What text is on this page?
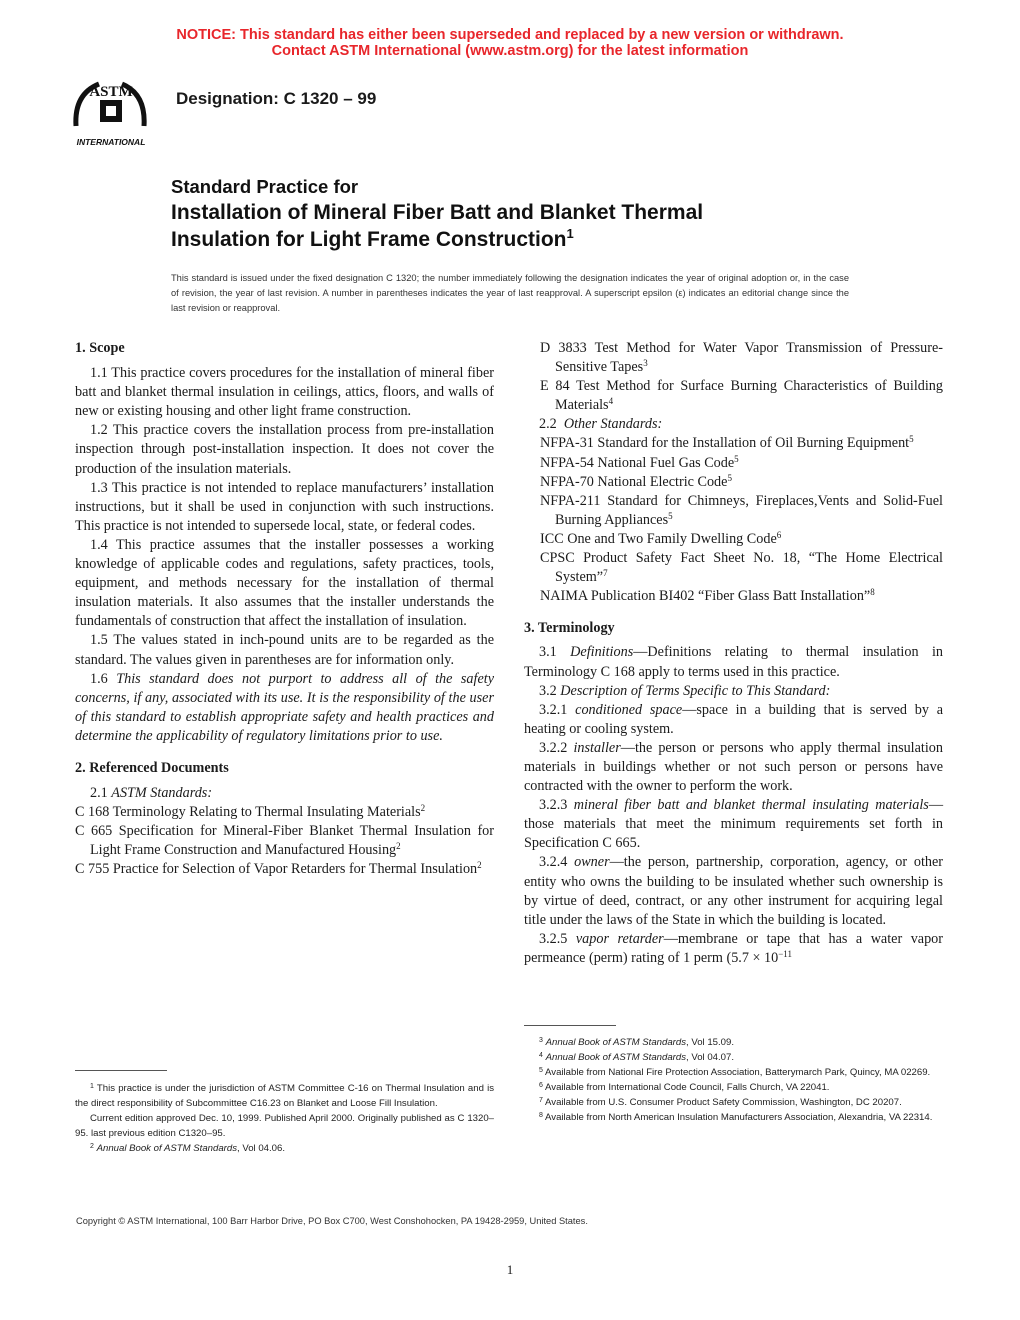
NOTICE: This standard has either been superseded and replaced by a new version or withdrawn.
Contact ASTM International (www.astm.org) for the latest information
ASTM
INTERNATIONAL
Designation: C 1320 – 99
Standard Practice for
Installation of Mineral Fiber Batt and Blanket Thermal
Insulation for Light Frame Construction$^1$
This standard is issued under the fixed designation C 1320; the number immediately following the designation indicates the year of original adoption or, in the case of revision, the year of last revision. A number in parentheses indicates the year of last reapproval. A superscript epsilon (ε) indicates an editorial change since the last revision or reapproval.
1. Scope

1.1 This practice covers procedures for the installation of mineral fiber batt and blanket thermal insulation in ceilings, attics, floors, and walls of new or existing housing and other light frame construction.

1.2 This practice covers the installation process from pre-installation inspection through post-installation inspection. It does not cover the production of the insulation materials.

1.3 This practice is not intended to replace manufacturers’ installation instructions, but it shall be used in conjunction with such instructions. This practice is not intended to supersede local, state, or federal codes.

1.4 This practice assumes that the installer possesses a working knowledge of applicable codes and regulations, safety practices, tools, equipment, and methods necessary for the installation of thermal insulation materials. It also assumes that the installer understands the fundamentals of construction that affect the installation of insulation.

1.5 The values stated in inch-pound units are to be regarded as the standard. The values given in parentheses are for information only.

1.6 This standard does not purport to address all of the safety concerns, if any, associated with its use. It is the responsibility of the user of this standard to establish appropriate safety and health practices and determine the applicability of regulatory limitations prior to use.

2. Referenced Documents

2.1 ASTM Standards:

C 168 Terminology Relating to Thermal Insulating Materials$^2$

C 665 Specification for Mineral-Fiber Blanket Thermal Insulation for Light Frame Construction and Manufactured Housing$^2$

C 755 Practice for Selection of Vapor Retarders for Thermal Insulation$^2$

D 3833 Test Method for Water Vapor Transmission of Pressure-Sensitive Tapes$^3$

E 84 Test Method for Surface Burning Characteristics of Building Materials$^4$

2.2 Other Standards:

NFPA-31 Standard for the Installation of Oil Burning Equipment$^5$

NFPA-54 National Fuel Gas Code$^5$

NFPA-70 National Electric Code$^5$

NFPA-211 Standard for Chimneys, Fireplaces,Vents and Solid-Fuel Burning Appliances$^5$

ICC One and Two Family Dwelling Code$^6$

CPSC Product Safety Fact Sheet No. 18, “The Home Electrical System”$^7$

NAIMA Publication BI402 “Fiber Glass Batt Installation”$^8$

3. Terminology

3.1 Definitions—Definitions relating to thermal insulation in Terminology C 168 apply to terms used in this practice.

3.2 Description of Terms Specific to This Standard:

3.2.1 conditioned space—space in a building that is served by a heating or cooling system.

3.2.2 installer—the person or persons who apply thermal insulation materials in buildings whether or not such person or persons have contracted with the owner to perform the work.

3.2.3 mineral fiber batt and blanket thermal insulating materials—those materials that meet the minimum requirements set forth in Specification C 665.

3.2.4 owner—the person, partnership, corporation, agency, or other entity who owns the building to be insulated whether such ownership is by virtue of deed, contract, or any other instrument for acquiring legal title under the laws of the State in which the building is located.

3.2.5 vapor retarder—membrane or tape that has a water vapor permeance (perm) rating of 1 perm ($5.7 \times 10^{-11}$

$^1$ This practice is under the jurisdiction of ASTM Committee C-16 on Thermal Insulation and is the direct responsibility of Subcommittee C16.23 on Blanket and Loose Fill Insulation.

Current edition approved Dec. 10, 1999. Published April 2000. Originally published as C 1320–95. last previous edition C1320–95.

$^2$ Annual Book of ASTM Standards, Vol 04.06.

$^3$ Annual Book of ASTM Standards, Vol 15.09.

$^4$ Annual Book of ASTM Standards, Vol 04.07.

$^5$ Available from National Fire Protection Association, Batterymarch Park, Quincy, MA 02269.

$^6$ Available from International Code Council, Falls Church, VA 22041.

$^7$ Available from U.S. Consumer Product Safety Commission, Washington, DC 20207.

$^8$ Available from North American Insulation Manufacturers Association, Alexandria, VA 22314.

Copyright © ASTM International, 100 Barr Harbor Drive, PO Box C700, West Conshohocken, PA 19428-2959, United States.
1
